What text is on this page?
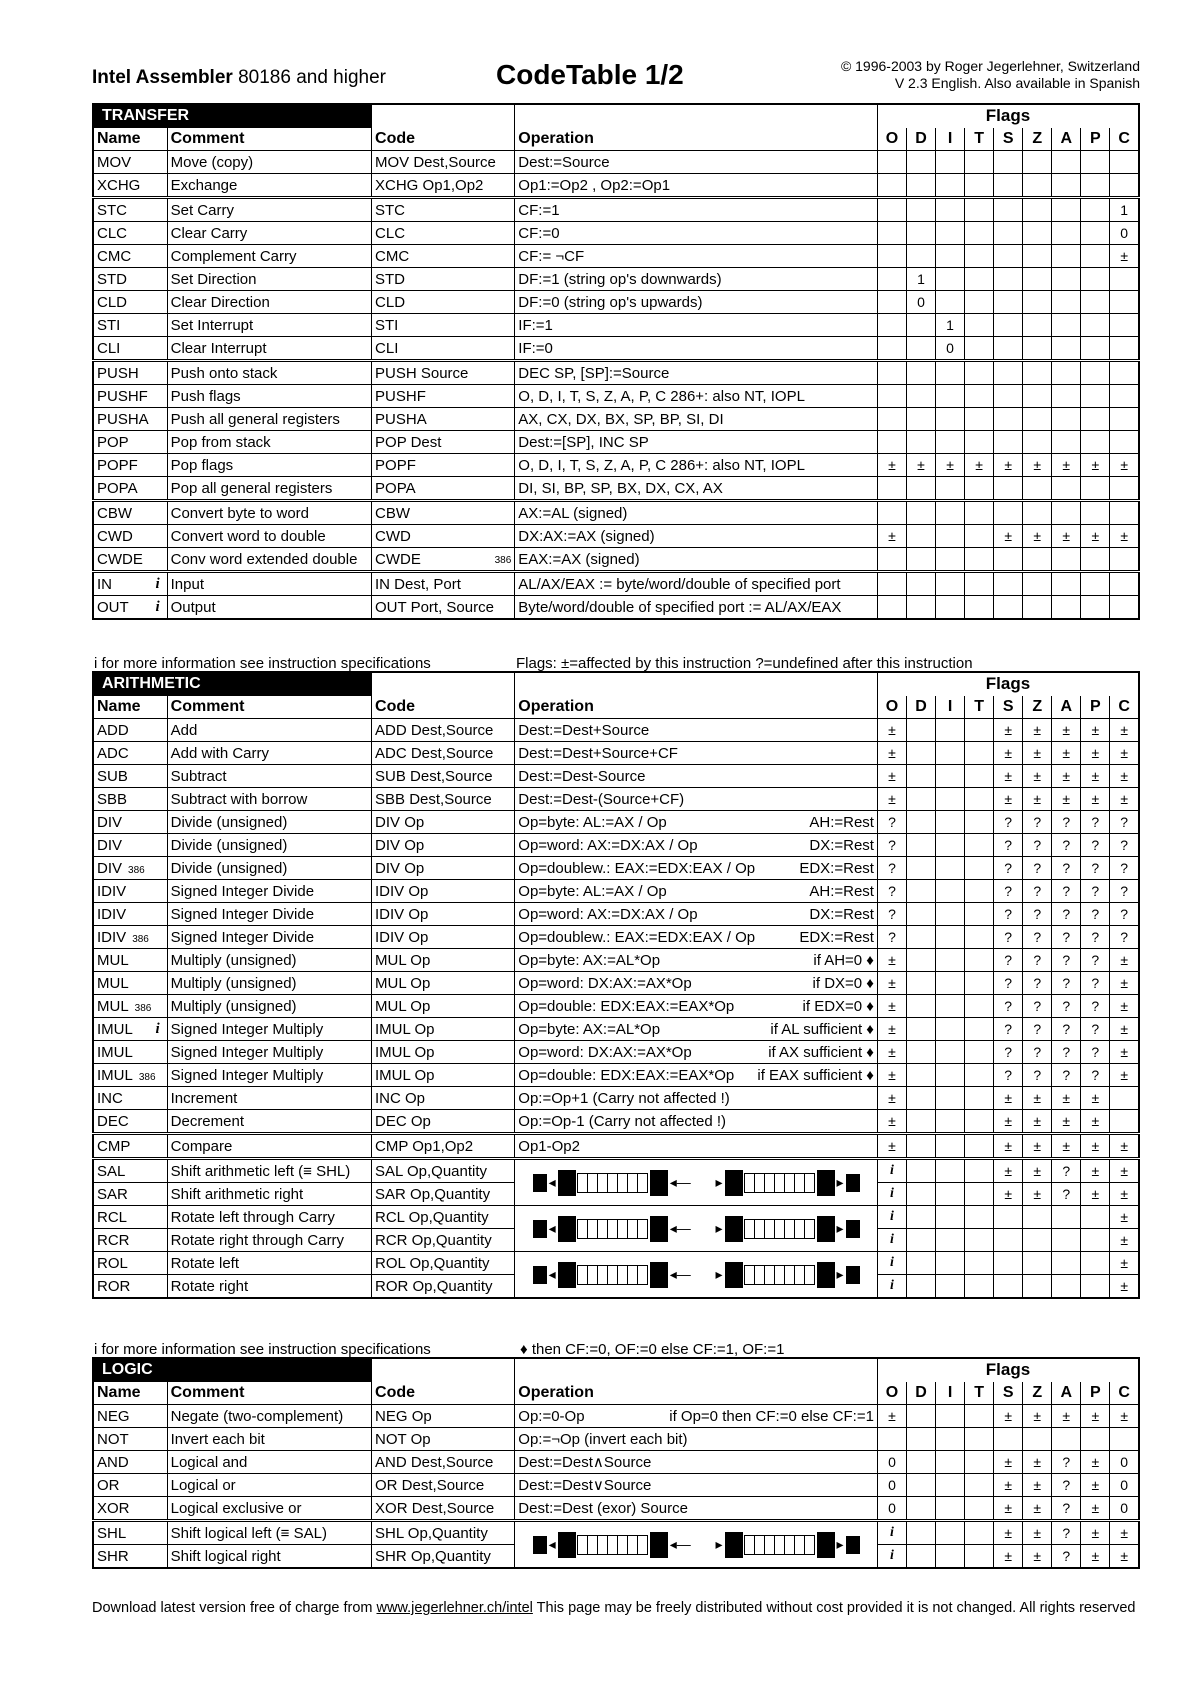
Intel Assembler 80186 and higher	CodeTable 1/2	© 1996-2003 by Roger Jegerlehner, Switzerland
V 2.3 English. Also available in Spanish
TRANSFER				Flags								
Name	Comment	Code	Operation	O	D	I	T	S	Z	A	P	C
MOV	Move (copy)	MOV Dest,Source	Dest:=Source									
XCHG	Exchange	XCHG Op1,Op2	Op1:=Op2 , Op2:=Op1									
STC	Set Carry	STC	CF:=1									1
CLC	Clear Carry	CLC	CF:=0									0
CMC	Complement Carry	CMC	CF:= ¬CF									±
STD	Set Direction	STD	DF:=1 (string op's downwards)		1							
CLD	Clear Direction	CLD	DF:=0 (string op's upwards)		0							
STI	Set Interrupt	STI	IF:=1			1						
CLI	Clear Interrupt	CLI	IF:=0			0						
PUSH	Push onto stack	PUSH Source	DEC SP, [SP]:=Source									
PUSHF	Push flags	PUSHF	O, D, I, T, S, Z, A, P, C 286+: also NT, IOPL									
PUSHA	Push all general registers	PUSHA	AX, CX, DX, BX, SP, BP, SI, DI									
POP	Pop from stack	POP Dest	Dest:=[SP], INC SP									
POPF	Pop flags	POPF	O, D, I, T, S, Z, A, P, C 286+: also NT, IOPL	±	±	±	±	±	±	±	±	±
POPA	Pop all general registers	POPA	DI, SI, BP, SP, BX, DX, CX, AX									
CBW	Convert byte to word	CBW	AX:=AL (signed)									
CWD	Convert word to double	CWD	DX:AX:=AX (signed)	±				±	±	±	±	±
CWDE	Conv word extended double	CWDE 386	EAX:=AX (signed)									
IN i	Input	IN Dest, Port	AL/AX/EAX := byte/word/double of specified port									
OUT i	Output	OUT Port, Source	Byte/word/double of specified port := AL/AX/EAX									
i for more information see instruction specifications	Flags: ±=affected by this instruction ?=undefined after this instruction
ARITHMETIC				Flags								
Name	Comment	Code	Operation	O	D	I	T	S	Z	A	P	C
ADD	Add	ADD Dest,Source	Dest:=Dest+Source	±				±	±	±	±	±
ADC	Add with Carry	ADC Dest,Source	Dest:=Dest+Source+CF	±				±	±	±	±	±
SUB	Subtract	SUB Dest,Source	Dest:=Dest-Source	±				±	±	±	±	±
SBB	Subtract with borrow	SBB Dest,Source	Dest:=Dest-(Source+CF)	±				±	±	±	±	±
DIV	Divide (unsigned)	DIV Op	Op=byte: AL:=AX / Op AH:=Rest	?				?	?	?	?	?
DIV	Divide (unsigned)	DIV Op	Op=word: AX:=DX:AX / Op DX:=Rest	?				?	?	?	?	?
DIV 386	Divide (unsigned)	DIV Op	Op=doublew.: EAX:=EDX:EAX / Op EDX:=Rest	?				?	?	?	?	?
IDIV	Signed Integer Divide	IDIV Op	Op=byte: AL:=AX / Op AH:=Rest	?				?	?	?	?	?
IDIV	Signed Integer Divide	IDIV Op	Op=word: AX:=DX:AX / Op DX:=Rest	?				?	?	?	?	?
IDIV 386	Signed Integer Divide	IDIV Op	Op=doublew.: EAX:=EDX:EAX / Op EDX:=Rest	?				?	?	?	?	?
MUL	Multiply (unsigned)	MUL Op	Op=byte: AX:=AL*Op if AH=0 ♦	±				?	?	?	?	±
MUL	Multiply (unsigned)	MUL Op	Op=word: DX:AX:=AX*Op if DX=0 ♦	±				?	?	?	?	±
MUL 386	Multiply (unsigned)	MUL Op	Op=double: EDX:EAX:=EAX*Op if EDX=0 ♦	±				?	?	?	?	±
IMUL i	Signed Integer Multiply	IMUL Op	Op=byte: AX:=AL*Op if AL sufficient ♦	±				?	?	?	?	±
IMUL	Signed Integer Multiply	IMUL Op	Op=word: DX:AX:=AX*Op if AX sufficient ♦	±				?	?	?	?	±
IMUL 386	Signed Integer Multiply	IMUL Op	Op=double: EDX:EAX:=EAX*Op if EAX sufficient ♦	±				?	?	?	?	±
INC	Increment	INC Op	Op:=Op+1 (Carry not affected !)	±				±	±	±	±	
DEC	Decrement	DEC Op	Op:=Op-1 (Carry not affected !)	±				±	±	±	±	
CMP	Compare	CMP Op1,Op2	Op1-Op2	±				±	±	±	±	±
SAL	Shift arithmetic left (≡ SHL)	SAL Op,Quantity	◂ ◂— ▸ ▸	i				±	±	?	±	±
SAR	Shift arithmetic right	SAR Op,Quantity		i				±	±	?	±	±
RCL	Rotate left through Carry	RCL Op,Quantity	◂ ◂— ▸ ▸	i								±
RCR	Rotate right through Carry	RCR Op,Quantity		i								±
ROL	Rotate left	ROL Op,Quantity	◂ ◂— ▸ ▸	i								±
ROR	Rotate right	ROR Op,Quantity		i								±
i for more information see instruction specifications	♦ then CF:=0, OF:=0 else CF:=1, OF:=1
LOGIC				Flags								
Name	Comment	Code	Operation	O	D	I	T	S	Z	A	P	C
NEG	Negate (two-complement)	NEG Op	Op:=0-Op if Op=0 then CF:=0 else CF:=1	±				±	±	±	±	±
NOT	Invert each bit	NOT Op	Op:=¬Op (invert each bit)									
AND	Logical and	AND Dest,Source	Dest:=Dest∧Source	0				±	±	?	±	0
OR	Logical or	OR Dest,Source	Dest:=Dest∨Source	0				±	±	?	±	0
XOR	Logical exclusive or	XOR Dest,Source	Dest:=Dest (exor) Source	0				±	±	?	±	0
SHL	Shift logical left (≡ SAL)	SHL Op,Quantity	◂ ◂— ▸ ▸	i				±	±	?	±	±
SHR	Shift logical right	SHR Op,Quantity		i				±	±	?	±	±
Download latest version free of charge from www.jegerlehner.ch/intel This page may be freely distributed without cost provided it is not changed. All rights reserved
